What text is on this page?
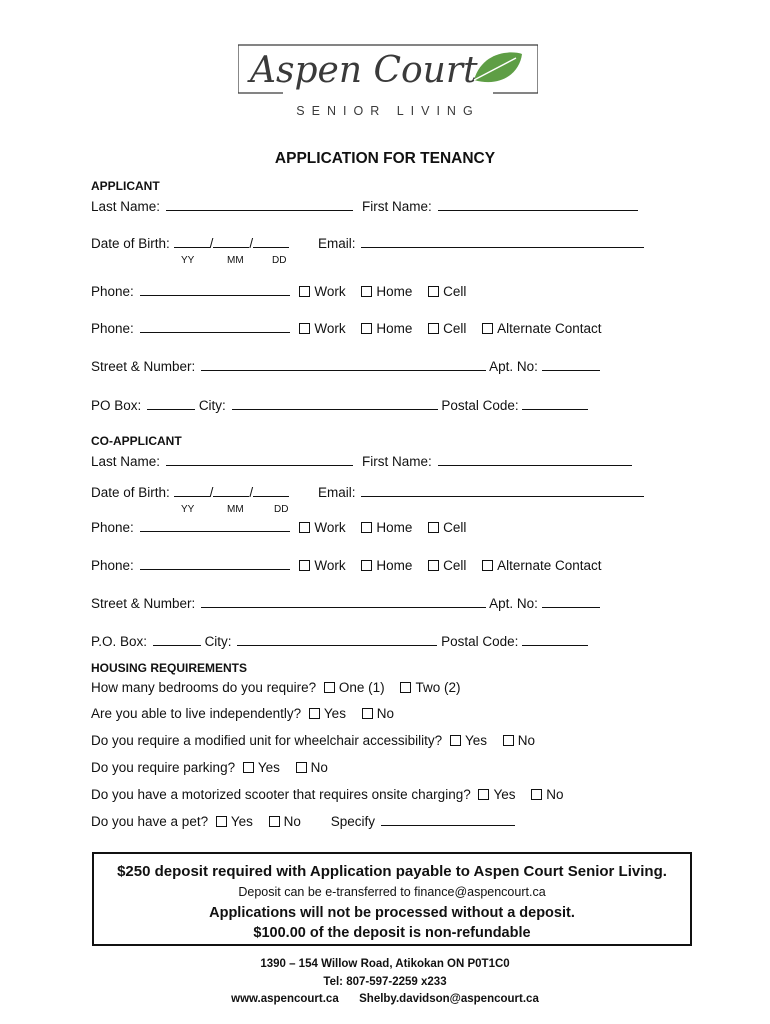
Aspen Court
SENIOR LIVING
APPLICATION FOR TENANCY
APPLICANT
Last Name:	First Name:
Date of Birth:	/	/
YY	MM	DD
Email:
Phone:	Work Home Cell
Phone:	Work Home Cell Alternate Contact
Street & Number:	Apt. No:
PO Box:	City:	Postal Code:
CO-APPLICANT
Last Name:	First Name:
Date of Birth:	/	/
YY	MM	DD
Email:
Phone:	Work Home Cell
Phone:	Work Home Cell Alternate Contact
Street & Number:	Apt. No:
P.O. Box:	City:	Postal Code:
HOUSING REQUIREMENTS
How many bedrooms do you require? One (1) Two (2)
Are you able to live independently? Yes No
Do you require a modified unit for wheelchair accessibility? Yes No
Do you require parking? Yes No
Do you have a motorized scooter that requires onsite charging? Yes No
Do you have a pet? Yes No Specify
$250 deposit required with Application payable to Aspen Court Senior Living.
Deposit can be e-transferred to finance@aspencourt.ca
Applications will not be processed without a deposit.
$100.00 of the deposit is non-refundable
1390 – 154 Willow Road, Atikokan ON P0T1C0
Tel: 807-597-2259 x233
www.aspencourt.ca Shelby.davidson@aspencourt.ca
